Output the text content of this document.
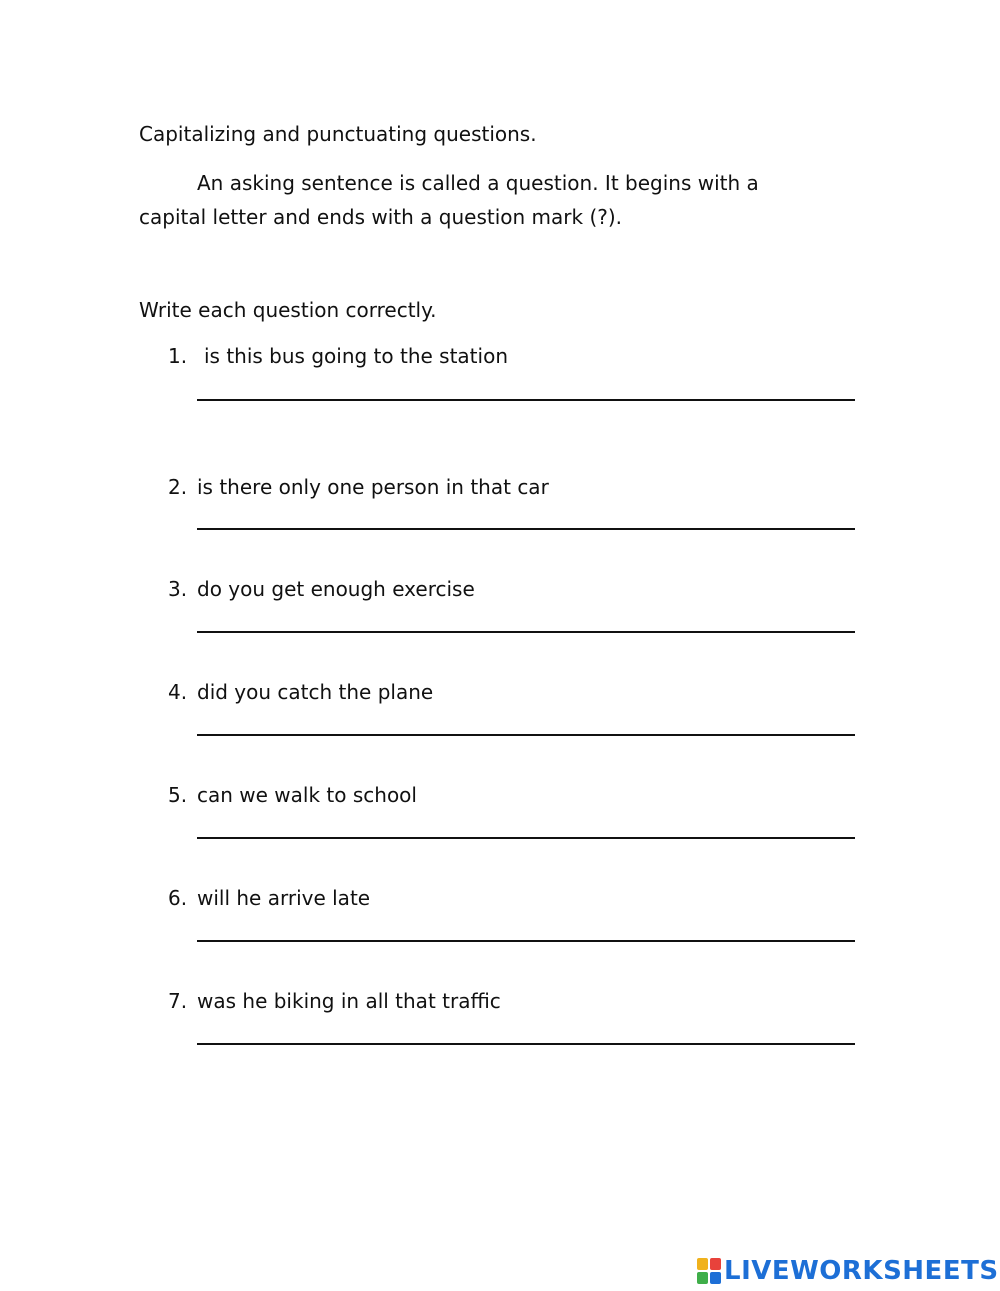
Capitalizing and punctuating questions.
An asking sentence is called a question. It begins with a capital letter and ends with a question mark (?).
Write each question correctly.
1. is this bus going to the station
2. is there only one person in that car
3. do you get enough exercise
4. did you catch the plane
5. can we walk to school
6. will he arrive late
7. was he biking in all that traffic
LIVEWORKSHEETS
